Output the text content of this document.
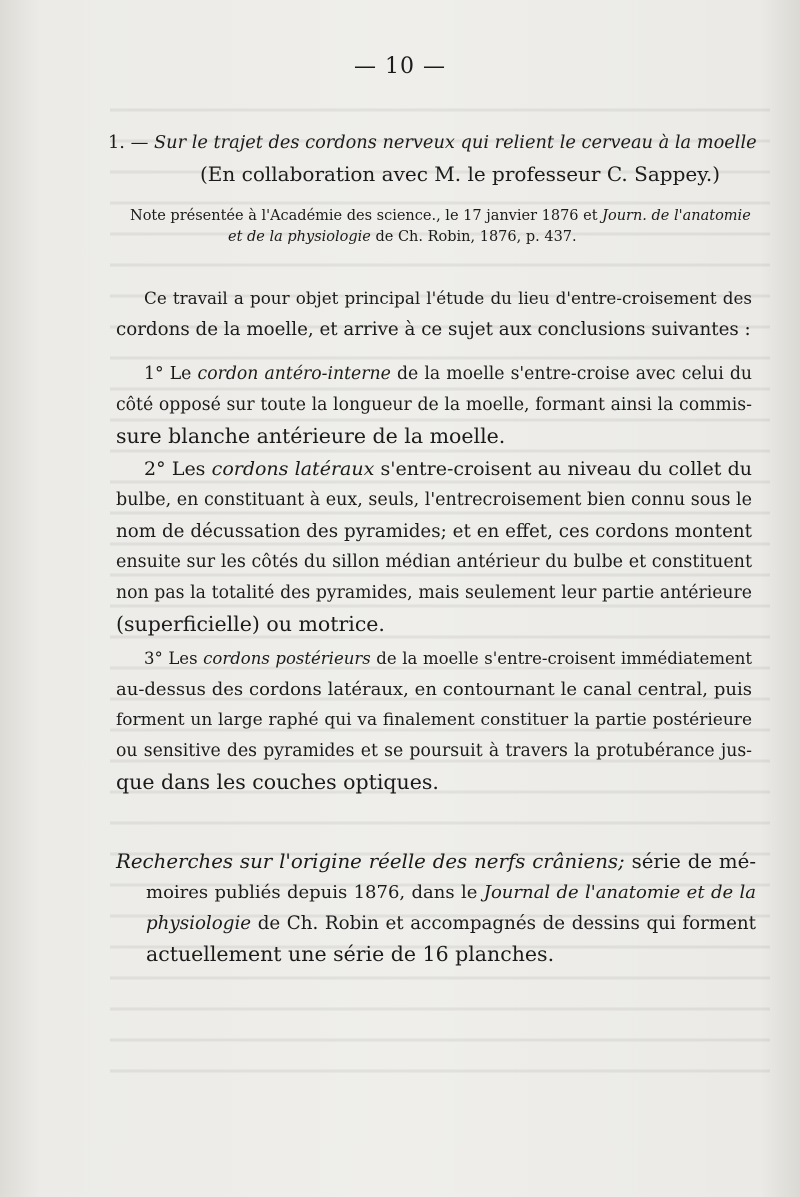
— 10 —
1. — Sur le trajet des cordons nerveux qui relient le cerveau à la moelle
(En collaboration avec M. le professeur C. Sappey.)
Note présentée à l'Académie des science., le 17 janvier 1876 et Journ. de l'anatomie
et de la physiologie de Ch. Robin, 1876, p. 437.
Ce travail a pour objet principal l'étude du lieu d'entre-croisement des
cordons de la moelle, et arrive à ce sujet aux conclusions suivantes :
1° Le cordon antéro-interne de la moelle s'entre-croise avec celui du
côté opposé sur toute la longueur de la moelle, formant ainsi la commis-
sure blanche antérieure de la moelle.
2° Les cordons latéraux s'entre-croisent au niveau du collet du
bulbe, en constituant à eux, seuls, l'entrecroisement bien connu sous le
nom de décussation des pyramides; et en effet, ces cordons montent
ensuite sur les côtés du sillon médian antérieur du bulbe et constituent
non pas la totalité des pyramides, mais seulement leur partie antérieure
(superficielle) ou motrice.
3° Les cordons postérieurs de la moelle s'entre-croisent immédiatement
au-dessus des cordons latéraux, en contournant le canal central, puis
forment un large raphé qui va finalement constituer la partie postérieure
ou sensitive des pyramides et se poursuit à travers la protubérance jus-
que dans les couches optiques.
Recherches sur l'origine réelle des nerfs crâniens; série de mé-
moires publiés depuis 1876, dans le Journal de l'anatomie et de la
physiologie de Ch. Robin et accompagnés de dessins qui forment
actuellement une série de 16 planches.
